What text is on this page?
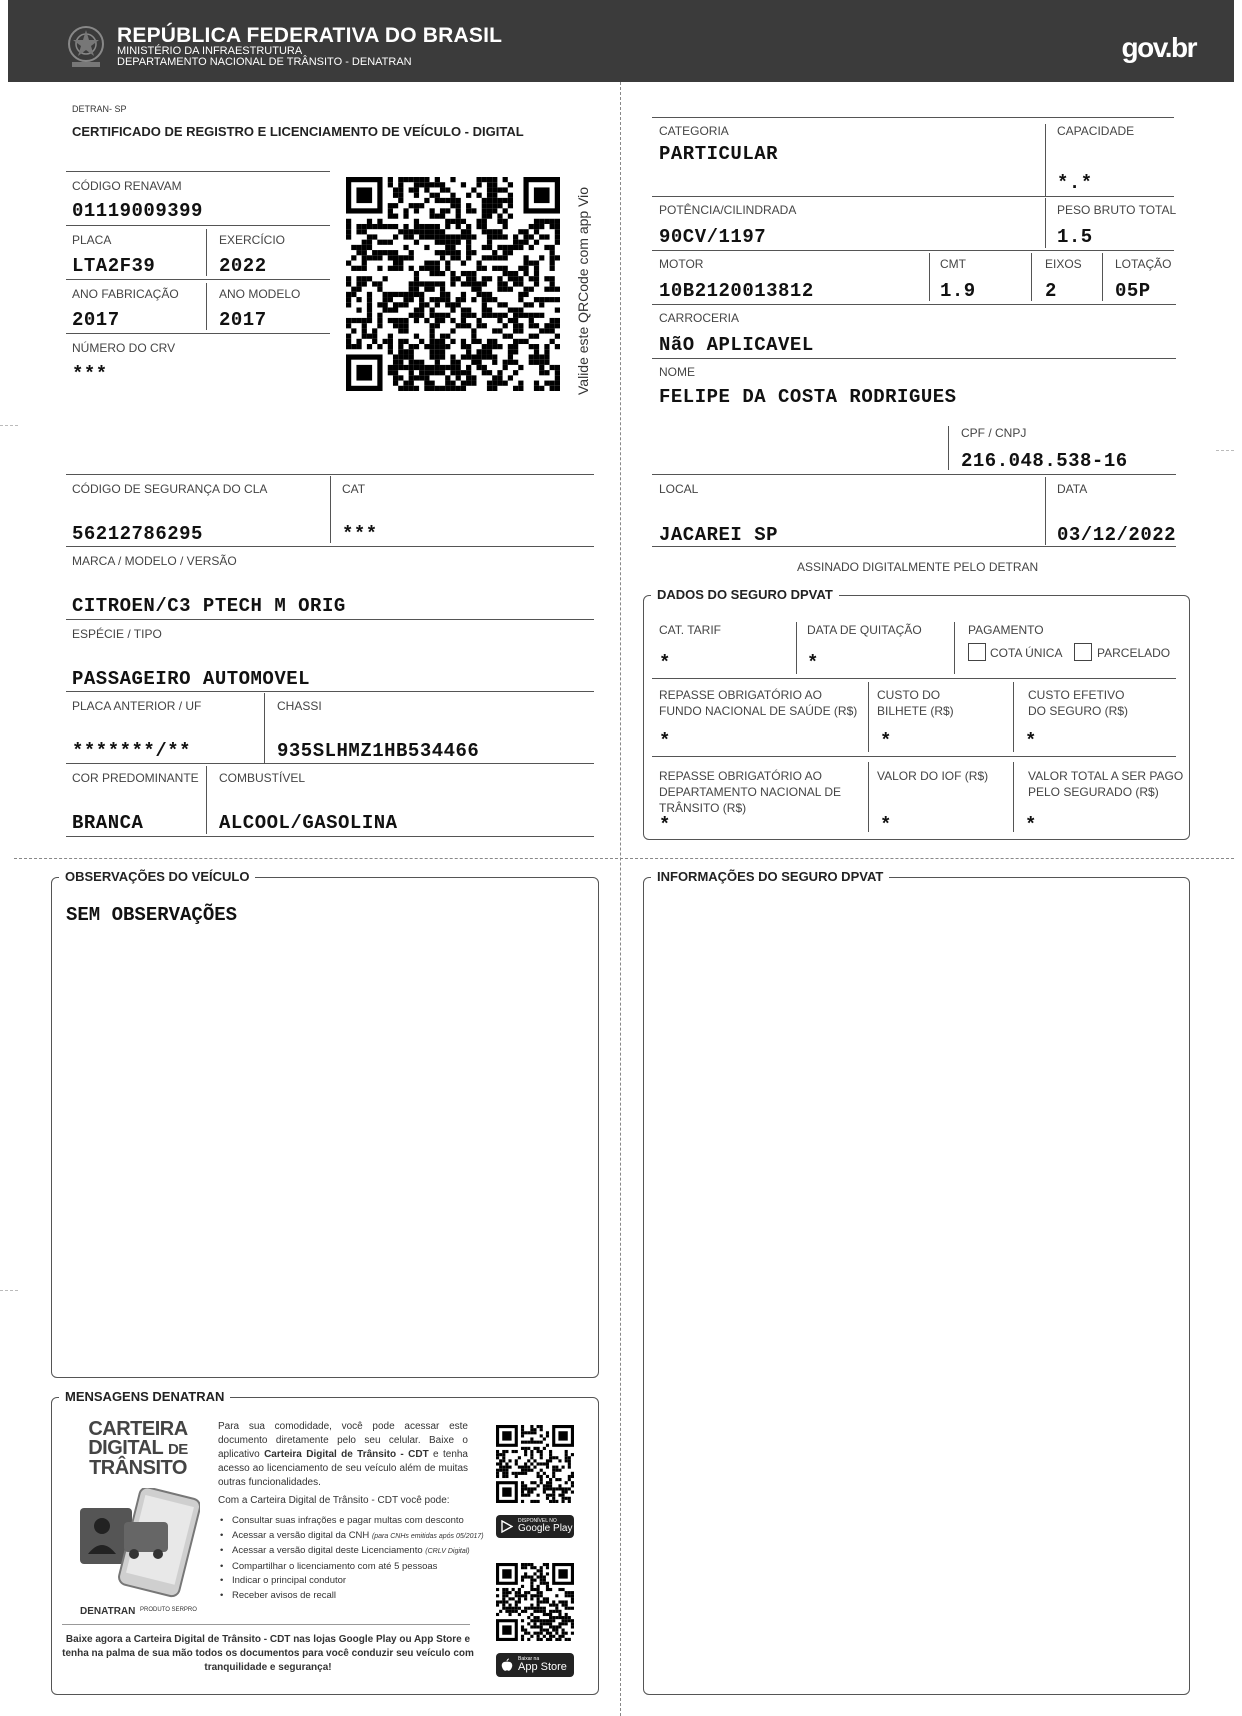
REPÚBLICA FEDERATIVA DO BRASIL
MINISTÉRIO DA INFRAESTRUTURA
DEPARTAMENTO NACIONAL DE TRÂNSITO - DENATRAN	gov.br
DETRAN- SP
CERTIFICADO DE REGISTRO E LICENCIAMENTO DE VEÍCULO - DIGITAL
CÓDIGO RENAVAM
01119009399
PLACA
LTA2F39
EXERCÍCIO
2022
ANO FABRICAÇÃO
2017
ANO MODELO
2017
NÚMERO DO CRV
***	Valide este QRCode com app Vio
CÓDIGO DE SEGURANÇA DO CLA
56212786295
CAT
***
MARCA / MODELO / VERSÃO
CITROEN/C3 PTECH M ORIG
ESPÉCIE / TIPO
PASSAGEIRO AUTOMOVEL
PLACA ANTERIOR / UF
*******/**
CHASSI
935SLHMZ1HB534466
COR PREDOMINANTE
BRANCA
COMBUSTÍVEL
ALCOOL/GASOLINA
CATEGORIA
PARTICULAR
CAPACIDADE
*.*
POTÊNCIA/CILINDRADA
90CV/1197
PESO BRUTO TOTAL
1.5
MOTOR
10B2120013812
CMT
1.9
EIXOS
2
LOTAÇÃO
05P
CARROCERIA
NãO APLICAVEL
NOME
FELIPE DA COSTA RODRIGUES
CPF / CNPJ
216.048.538-16
LOCAL
JACAREI SP
DATA
03/12/2022
ASSINADO DIGITALMENTE PELO DETRAN
DADOS DO SEGURO DPVAT
CAT. TARIF
*
DATA DE QUITAÇÃO
*
PAGAMENTO
COTA ÚNICA	PARCELADO
REPASSE OBRIGATÓRIO AO
FUNDO NACIONAL DE SAÚDE (R$)
*
CUSTO DO
BILHETE (R$)
*
CUSTO EFETIVO
DO SEGURO (R$)
*
REPASSE OBRIGATÓRIO AO
DEPARTAMENTO NACIONAL DE
TRÂNSITO (R$)
*
VALOR DO IOF (R$)
*
VALOR TOTAL A SER PAGO
PELO SEGURADO (R$)
*
OBSERVAÇÕES DO VEÍCULO
SEM OBSERVAÇÕES
INFORMAÇÕES DO SEGURO DPVAT
MENSAGENS DENATRAN
CARTEIRA
DIGITAL DE
TRÂNSITO
DENATRAN PRODUTO SERPRO
Para sua comodidade, você pode acessar este documento diretamente pelo seu celular. Baixe o aplicativo Carteira Digital de Trânsito - CDT e tenha acesso ao licenciamento de seu veículo além de muitas outras funcionalidades.
Com a Carteira Digital de Trânsito - CDT você pode:
• Consultar suas infrações e pagar multas com desconto
• Acessar a versão digital da CNH (para CNHs emitidas após 05/2017)
• Acessar a versão digital deste Licenciamento (CRLV Digital)
• Compartilhar o licenciamento com até 5 pessoas
• Indicar o principal condutor
• Receber avisos de recall
Baixe agora a Carteira Digital de Trânsito - CDT nas lojas Google Play ou App Store e tenha na palma de sua mão todos os documentos para você conduzir seu veículo com tranquilidade e segurança!
DISPONÍVEL NO
Google Play
Baixar na
App Store
